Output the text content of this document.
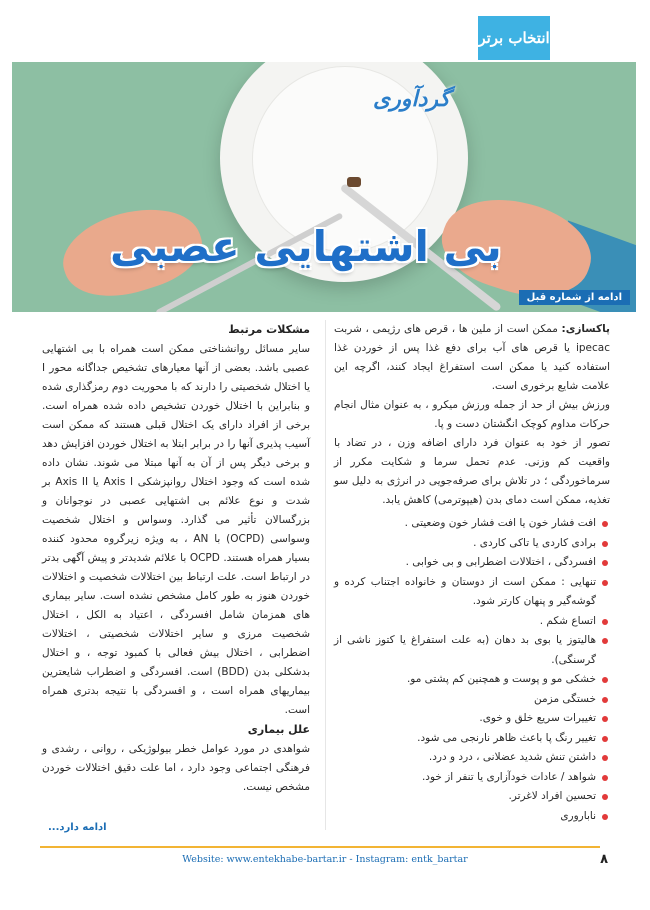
انتخاب برتر
گردآوری
بی اشتهایی عصبی
ادامه از شماره قبل

پاکسازی: ممکن است از ملین ها ، قرص های رژیمی ، شربت ipecac یا قرص های آب برای دفع غذا پس از خوردن غذا استفاده کنید یا ممکن است استفراغ ایجاد کنند، اگرچه این علامت شایع برخوری است.

ورزش بیش از حد از جمله ورزش میکرو ، به عنوان مثال انجام حرکات مداوم کوچک انگشتان دست و پا.

تصور از خود به عنوان فرد دارای اضافه وزن ، در تضاد با واقعیت کم وزنی. عدم تحمل سرما و شکایت مکرر از سرماخوردگی ؛ در تلاش برای صرفه‌جویی در انرژی به دلیل سو تغذیه، ممکن است دمای بدن (هیپوترمی) کاهش یابد.

افت فشار خون یا افت فشار خون وضعیتی .
برادی کاردی یا تاکی کاردی .
افسردگی ، اختلالات اضطرابی و بی خوابی .
تنهایی : ممکن است از دوستان و خانواده اجتناب کرده و گوشه‌گیر و پنهان کارتر شود.
اتساع شکم .
هالیتوز یا بوی بد دهان (به علت استفراغ یا کتوز ناشی از گرسنگی).
خشکی مو و پوست و همچنین کم پشتی مو.
خستگی مزمن
تغییرات سریع خلق و خوی.
تغییر رنگ پا باعث ظاهر نارنجی می شود.
داشتن تنش شدید عضلانی ، درد و درد.
شواهد / عادات خودآزاری یا تنفر از خود.
تحسین افراد لاغرتر.
ناباروری
مشکلات مرتبط

سایر مسائل روانشناختی ممکن است همراه با بی اشتهایی عصبی باشد. بعضی از آنها معیارهای تشخیص جداگانه محور I یا اختلال شخصیتی را دارند که با محوریت دوم رمزگذاری شده و بنابراین با اختلال خوردن تشخیص داده شده همراه است. برخی از افراد دارای یک اختلال قبلی هستند که ممکن است آسیب پذیری آنها را در برابر ابتلا به اختلال خوردن افزایش دهد و برخی دیگر پس از آن به آنها مبتلا می شوند. نشان داده شده است که وجود اختلال روانپزشکی Axis I یا Axis II بر شدت و نوع علائم بی اشتهایی عصبی در نوجوانان و بزرگسالان تأثیر می گذارد. وسواس و اختلال شخصیت وسواسی (OCPD) با AN ، به ویژه زیرگروه محدود کننده بسیار همراه هستند. OCPD با علائم شدیدتر و پیش آگهی بدتر در ارتباط است. علت ارتباط بین اختلالات شخصیت و اختلالات خوردن هنوز به طور کامل مشخص نشده است. سایر بیماری های همزمان شامل افسردگی ، اعتیاد به الکل ، اختلال شخصیت مرزی و سایر اختلالات شخصیتی ، اختلالات اضطرابی ، اختلال بیش فعالی با کمبود توجه ، و اختلال بدشکلی بدن (BDD) است. افسردگی و اضطراب شایعترین بیماریهای همراه است ، و افسردگی با نتیجه بدتری همراه است.

علل بیماری

شواهدی در مورد عوامل خطر بیولوژیکی ، روانی ، رشدی و فرهنگی اجتماعی وجود دارد ، اما علت دقیق اختلالات خوردن مشخص نیست.

ادامه دارد...
Website: www.entekhabe-bartar.ir - Instagram: entk_bartar	۸
